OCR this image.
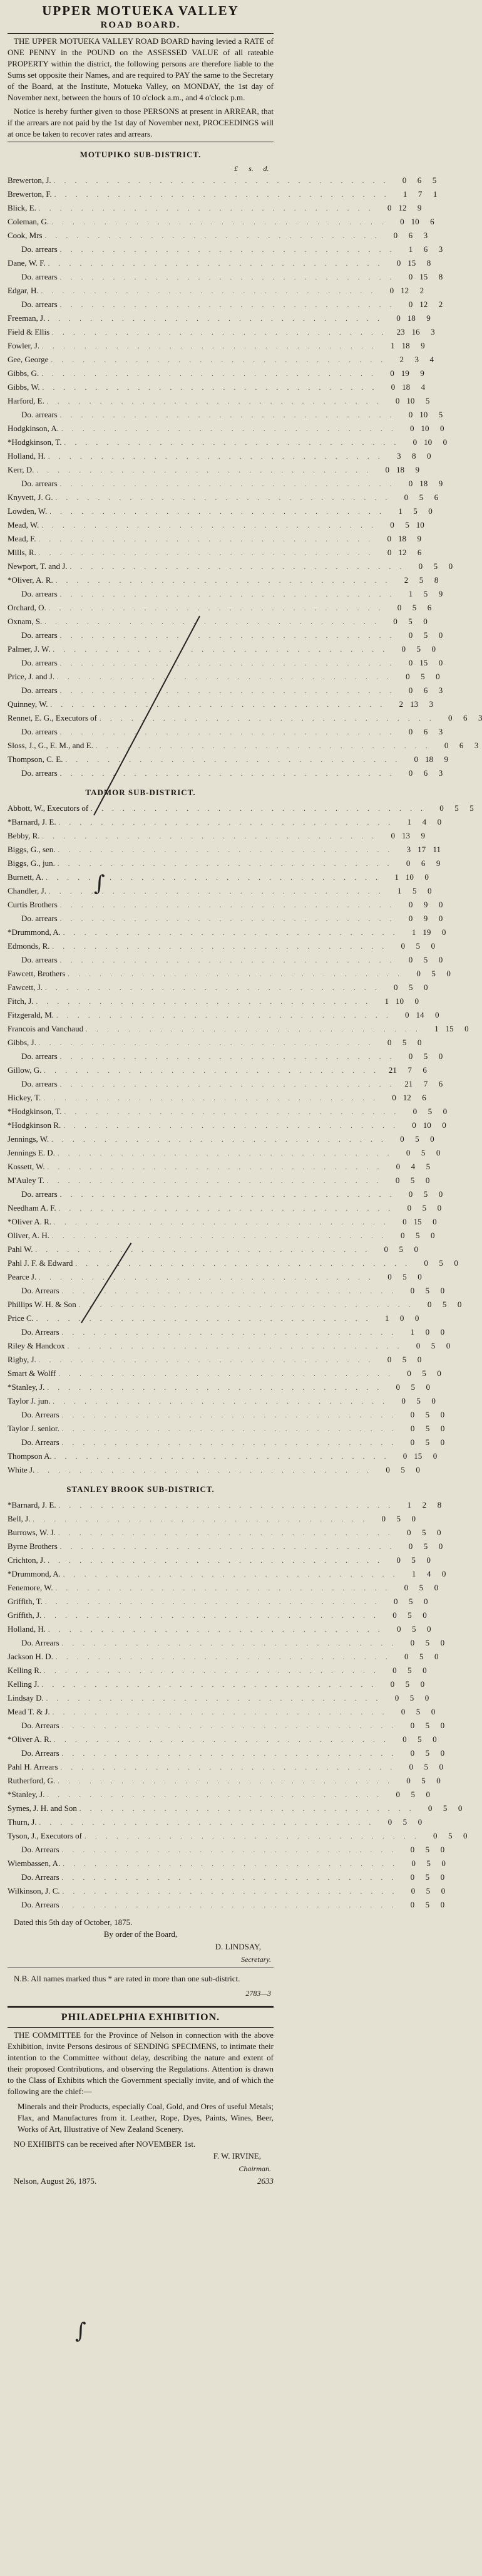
UPPER MOTUEKA VALLEY
ROAD BOARD.

THE UPPER MOTUEKA VALLEY ROAD BOARD having levied a RATE of ONE PENNY in the POUND on the ASSESSED VALUE of all rateable PROPERTY within the district, the following persons are therefore liable to the Sums set opposite their Names, and are required to PAY the same to the Secretary of the Board, at the Institute, Motueka Valley, on MONDAY, the 1st day of November next, between the hours of 10 o'clock a.m., and 4 o'clock p.m.

Notice is hereby further given to those PERSONS at present in ARREAR, that if the arrears are not paid by the 1st day of November next, PROCEEDINGS will at once be taken to recover rates and arrears.

MOTUPIKO SUB-DISTRICT.
£	s.	d.
Brewerton, J. . . . . . . . . . . . . . . . . . . . . . . . . . . . . . . . .	0	6	5
Brewerton, F. . . . . . . . . . . . . . . . . . . . . . . . . . . . . . . . .	1	7	1
Blick, E. . . . . . . . . . . . . . . . . . . . . . . . . . . . . . . . .	0 12	9
Coleman, G. . . . . . . . . . . . . . . . . . . . . . . . . . . . . . . . .	0 10	6
Cook, Mrs . . . . . . . . . . . . . . . . . . . . . . . . . . . . . . . .	0	6	3
Do. arrears . . . . . . . . . . . . . . . . . . . . . . . . . . . . . . . .	1	6	3
Dane, W. F. . . . . . . . . . . . . . . . . . . . . . . . . . . . . . . . .	0 15	8
Do. arrears . . . . . . . . . . . . . . . . . . . . . . . . . . . . . . . .	0 15	8
Edgar, H. . . . . . . . . . . . . . . . . . . . . . . . . . . . . . . . .	0 12	2
Do. arrears . . . . . . . . . . . . . . . . . . . . . . . . . . . . . . . .	0 12	2
Freeman, J. . . . . . . . . . . . . . . . . . . . . . . . . . . . . . . . .	0 18	9
Field & Ellis . . . . . . . . . . . . . . . . . . . . . . . . . . . . . . . .	23 16	3
Fowler, J. . . . . . . . . . . . . . . . . . . . . . . . . . . . . . . . .	1 18	9
Gee, George . . . . . . . . . . . . . . . . . . . . . . . . . . . . . . . .	2	3	4
Gibbs, G. . . . . . . . . . . . . . . . . . . . . . . . . . . . . . . . .	0 19	9
Gibbs, W. . . . . . . . . . . . . . . . . . . . . . . . . . . . . . . . .	0 18	4
Harford, E. . . . . . . . . . . . . . . . . . . . . . . . . . . . . . . . .	0 10	5
Do. arrears . . . . . . . . . . . . . . . . . . . . . . . . . . . . . . . .	0 10	5
Hodgkinson, A. . . . . . . . . . . . . . . . . . . . . . . . . . . . . . . . .	0 10	0
*Hodgkinson, T. . . . . . . . . . . . . . . . . . . . . . . . . . . . . . . . .	0 10	0
Holland, H. . . . . . . . . . . . . . . . . . . . . . . . . . . . . . . . .	3	8	0
Kerr, D. . . . . . . . . . . . . . . . . . . . . . . . . . . . . . . . .	0 18	9
Do. arrears . . . . . . . . . . . . . . . . . . . . . . . . . . . . . . . .	0 18	9
Knyvett, J. G. . . . . . . . . . . . . . . . . . . . . . . . . . . . . . . . .	0	5	6
Lowden, W. . . . . . . . . . . . . . . . . . . . . . . . . . . . . . . . .	1	5	0
Mead, W. . . . . . . . . . . . . . . . . . . . . . . . . . . . . . . . .	0	5 10
Mead, F. . . . . . . . . . . . . . . . . . . . . . . . . . . . . . . . .	0 18	9
Mills, R. . . . . . . . . . . . . . . . . . . . . . . . . . . . . . . . .	0 12	6
Newport, T. and J. . . . . . . . . . . . . . . . . . . . . . . . . . . . . . . . .	0	5	0
*Oliver, A. R. . . . . . . . . . . . . . . . . . . . . . . . . . . . . . . . .	2	5	8
Do. arrears . . . . . . . . . . . . . . . . . . . . . . . . . . . . . . . .	1	5	9
Orchard, O. . . . . . . . . . . . . . . . . . . . . . . . . . . . . . . . .	0	5	6
Oxnam, S. . . . . . . . . . . . . . . . . . . . . . . . . . . . . . . . .	0	5	0
Do. arrears . . . . . . . . . . . . . . . . . . . . . . . . . . . . . . . .	0	5	0
Palmer, J. W. . . . . . . . . . . . . . . . . . . . . . . . . . . . . . . . .	0	5	0
Do. arrears . . . . . . . . . . . . . . . . . . . . . . . . . . . . . . . .	0 15	0
Price, J. and J. . . . . . . . . . . . . . . . . . . . . . . . . . . . . . . . .	0	5	0
Do. arrears . . . . . . . . . . . . . . . . . . . . . . . . . . . . . . . .	0	6	3
Quinney, W. . . . . . . . . . . . . . . . . . . . . . . . . . . . . . . . .	2 13	3
Rennet, E. G., Executors of . . . . . . . . . . . . . . . . . . . . . . . . . . . . . . . .	0	6	3
Do. arrears . . . . . . . . . . . . . . . . . . . . . . . . . . . . . . . .	0	6	3
Sloss, J., G., E. M., and E. . . . . . . . . . . . . . . . . . . . . . . . . . . . . . . . .	0	6	3
Thompson, C. E. . . . . . . . . . . . . . . . . . . . . . . . . . . . . . . . .	0 18	9
Do. arrears . . . . . . . . . . . . . . . . . . . . . . . . . . . . . . . .	0	6	3
TADMOR SUB-DISTRICT.
Abbott, W., Executors of . . . . . . . . . . . . . . . . . . . . . . . . . . . . . . . .	0	5	5
*Barnard, J. E. . . . . . . . . . . . . . . . . . . . . . . . . . . . . . . . .	1	4	0
Bebby, R. . . . . . . . . . . . . . . . . . . . . . . . . . . . . . . . .	0 13	9
Biggs, G., sen. . . . . . . . . . . . . . . . . . . . . . . . . . . . . . . . .	3 17 11
Biggs, G., jun. . . . . . . . . . . . . . . . . . . . . . . . . . . . . . . . .	0	6	9
Burnett, A. . . . . . . . . . . . . . . . . . . . . . . . . . . . . . . . .	1 10	0
Chandler, J. . . . . . . . . . . . . . . . . . . . . . . . . . . . . . . . .	1	5	0
Curtis Brothers . . . . . . . . . . . . . . . . . . . . . . . . . . . . . . . .	0	9	0
Do. arrears . . . . . . . . . . . . . . . . . . . . . . . . . . . . . . . .	0	9	0
*Drummond, A. . . . . . . . . . . . . . . . . . . . . . . . . . . . . . . . .	1 19	0
Edmonds, R. . . . . . . . . . . . . . . . . . . . . . . . . . . . . . . . .	0	5	0
Do. arrears . . . . . . . . . . . . . . . . . . . . . . . . . . . . . . . .	0	5	0
Fawcett, Brothers . . . . . . . . . . . . . . . . . . . . . . . . . . . . . . . .	0	5	0
Fawcett, J. . . . . . . . . . . . . . . . . . . . . . . . . . . . . . . . .	0	5	0
Fitch, J. . . . . . . . . . . . . . . . . . . . . . . . . . . . . . . . .	1 10	0
Fitzgerald, M. . . . . . . . . . . . . . . . . . . . . . . . . . . . . . . . .	0 14	0
Francois and Vanchaud . . . . . . . . . . . . . . . . . . . . . . . . . . . . . . . .	1 15	0
Gibbs, J. . . . . . . . . . . . . . . . . . . . . . . . . . . . . . . . .	0	5	0
Do. arrears . . . . . . . . . . . . . . . . . . . . . . . . . . . . . . . .	0	5	0
Gillow, G. . . . . . . . . . . . . . . . . . . . . . . . . . . . . . . . .	21	7	6
Do. arrears . . . . . . . . . . . . . . . . . . . . . . . . . . . . . . . .	21	7	6
Hickey, T. . . . . . . . . . . . . . . . . . . . . . . . . . . . . . . . .	0 12	6
*Hodgkinson, T. . . . . . . . . . . . . . . . . . . . . . . . . . . . . . . . .	0	5	0
*Hodgkinson R. . . . . . . . . . . . . . . . . . . . . . . . . . . . . . . . .	0 10	0
Jennings, W. . . . . . . . . . . . . . . . . . . . . . . . . . . . . . . . .	0	5	0
Jennings E. D. . . . . . . . . . . . . . . . . . . . . . . . . . . . . . . . .	0	5	0
Kossett, W. . . . . . . . . . . . . . . . . . . . . . . . . . . . . . . . .	0	4	5
M'Auley T. . . . . . . . . . . . . . . . . . . . . . . . . . . . . . . . .	0	5	0
Do. arrears . . . . . . . . . . . . . . . . . . . . . . . . . . . . . . . .	0	5	0
Needham A. F. . . . . . . . . . . . . . . . . . . . . . . . . . . . . . . . .	0	5	0
*Oliver A. R. . . . . . . . . . . . . . . . . . . . . . . . . . . . . . . . .	0 15	0
Oliver, A. H. . . . . . . . . . . . . . . . . . . . . . . . . . . . . . . . .	0	5	0
Pahl W. . . . . . . . . . . . . . . . . . . . . . . . . . . . . . . . .	0	5	0
Pahl J. F. & Edward . . . . . . . . . . . . . . . . . . . . . . . . . . . . . . . .	0	5	0
Pearce J. . . . . . . . . . . . . . . . . . . . . . . . . . . . . . . . .	0	5	0
Do. Arrears . . . . . . . . . . . . . . . . . . . . . . . . . . . . . . . .	0	5	0
Phillips W. H. & Son . . . . . . . . . . . . . . . . . . . . . . . . . . . . . . . .	0	5	0
Price C. . . . . . . . . . . . . . . . . . . . . . . . . . . . . . . . .	1	0	0
Do. Arrears . . . . . . . . . . . . . . . . . . . . . . . . . . . . . . . .	1	0	0
Riley & Handcox . . . . . . . . . . . . . . . . . . . . . . . . . . . . . . . .	0	5	0
Rigby, J. . . . . . . . . . . . . . . . . . . . . . . . . . . . . . . . .	0	5	0
Smart & Wolff . . . . . . . . . . . . . . . . . . . . . . . . . . . . . . . .	0	5	0
*Stanley, J. . . . . . . . . . . . . . . . . . . . . . . . . . . . . . . . .	0	5	0
Taylor J. jun. . . . . . . . . . . . . . . . . . . . . . . . . . . . . . . . .	0	5	0
Do. Arrears . . . . . . . . . . . . . . . . . . . . . . . . . . . . . . . .	0	5	0
Taylor J. senior. . . . . . . . . . . . . . . . . . . . . . . . . . . . . . . . .	0	5	0
Do. Arrears . . . . . . . . . . . . . . . . . . . . . . . . . . . . . . . .	0	5	0
Thompson A. . . . . . . . . . . . . . . . . . . . . . . . . . . . . . . . .	0 15	0
White J. . . . . . . . . . . . . . . . . . . . . . . . . . . . . . . . .	0	5	0
STANLEY BROOK SUB-DISTRICT.
*Barnard, J. E. . . . . . . . . . . . . . . . . . . . . . . . . . . . . . . . .	1	2	8
Bell, J. . . . . . . . . . . . . . . . . . . . . . . . . . . . . . . . .	0	5	0
Burrows, W. J. . . . . . . . . . . . . . . . . . . . . . . . . . . . . . . . .	0	5	0
Byrne Brothers . . . . . . . . . . . . . . . . . . . . . . . . . . . . . . . .	0	5	0
Crichton, J. . . . . . . . . . . . . . . . . . . . . . . . . . . . . . . . .	0	5	0
*Drummond, A. . . . . . . . . . . . . . . . . . . . . . . . . . . . . . . . .	1	4	0
Fenemore, W. . . . . . . . . . . . . . . . . . . . . . . . . . . . . . . . .	0	5	0
Griffith, T. . . . . . . . . . . . . . . . . . . . . . . . . . . . . . . . .	0	5	0
Griffith, J. . . . . . . . . . . . . . . . . . . . . . . . . . . . . . . . .	0	5	0
Holland, H. . . . . . . . . . . . . . . . . . . . . . . . . . . . . . . . .	0	5	0
Do. Arrears . . . . . . . . . . . . . . . . . . . . . . . . . . . . . . . .	0	5	0
Jackson H. D. . . . . . . . . . . . . . . . . . . . . . . . . . . . . . . . .	0	5	0
Kelling R. . . . . . . . . . . . . . . . . . . . . . . . . . . . . . . . .	0	5	0
Kelling J. . . . . . . . . . . . . . . . . . . . . . . . . . . . . . . . .	0	5	0
Lindsay D. . . . . . . . . . . . . . . . . . . . . . . . . . . . . . . . .	0	5	0
Mead T. & J. . . . . . . . . . . . . . . . . . . . . . . . . . . . . . . . .	0	5	0
Do. Arrears . . . . . . . . . . . . . . . . . . . . . . . . . . . . . . . .	0	5	0
*Oliver A. R. . . . . . . . . . . . . . . . . . . . . . . . . . . . . . . . .	0	5	0
Do. Arrears . . . . . . . . . . . . . . . . . . . . . . . . . . . . . . . .	0	5	0
Pahl H. Arrears . . . . . . . . . . . . . . . . . . . . . . . . . . . . . . . .	0	5	0
Rutherford, G. . . . . . . . . . . . . . . . . . . . . . . . . . . . . . . . .	0	5	0
*Stanley, J. . . . . . . . . . . . . . . . . . . . . . . . . . . . . . . . .	0	5	0
Symes, J. H. and Son . . . . . . . . . . . . . . . . . . . . . . . . . . . . . . . .	0	5	0
Thurn, J. . . . . . . . . . . . . . . . . . . . . . . . . . . . . . . . .	0	5	0
Tyson, J., Executors of . . . . . . . . . . . . . . . . . . . . . . . . . . . . . . . .	0	5	0
Do. Arrears . . . . . . . . . . . . . . . . . . . . . . . . . . . . . . . .	0	5	0
Wiembassen, A. . . . . . . . . . . . . . . . . . . . . . . . . . . . . . . . .	0	5	0
Do. Arrears . . . . . . . . . . . . . . . . . . . . . . . . . . . . . . . .	0	5	0
Wilkinson, J. C. . . . . . . . . . . . . . . . . . . . . . . . . . . . . . . . .	0	5	0
Do. Arrears . . . . . . . . . . . . . . . . . . . . . . . . . . . . . . . .	0	5	0
Dated this 5th day of October, 1875.
By order of the Board,
D. LINDSAY,
Secretary.

N.B. All names marked thus * are rated in more than one sub-district.

2783—3
PHILADELPHIA EXHIBITION.

THE COMMITTEE for the Province of Nelson in connection with the above Exhibition, invite Persons desirous of SENDING SPECIMENS, to intimate their intention to the Committee without delay, describing the nature and extent of their proposed Contributions, and observing the Regulations. Attention is drawn to the Class of Exhibits which the Government specially invite, and of which the following are the chief:—

Minerals and their Products, especially Coal, Gold, and Ores of useful Metals; Flax, and Manufactures from it. Leather, Rope, Dyes, Paints, Wines, Beer, Works of Art, Illustrative of New Zealand Scenery.

NO EXHIBITS can be received after NOVEMBER 1st.

F. W. IRVINE,
Chairman.
Nelson, August 26, 1875.	2633
∫
∫
